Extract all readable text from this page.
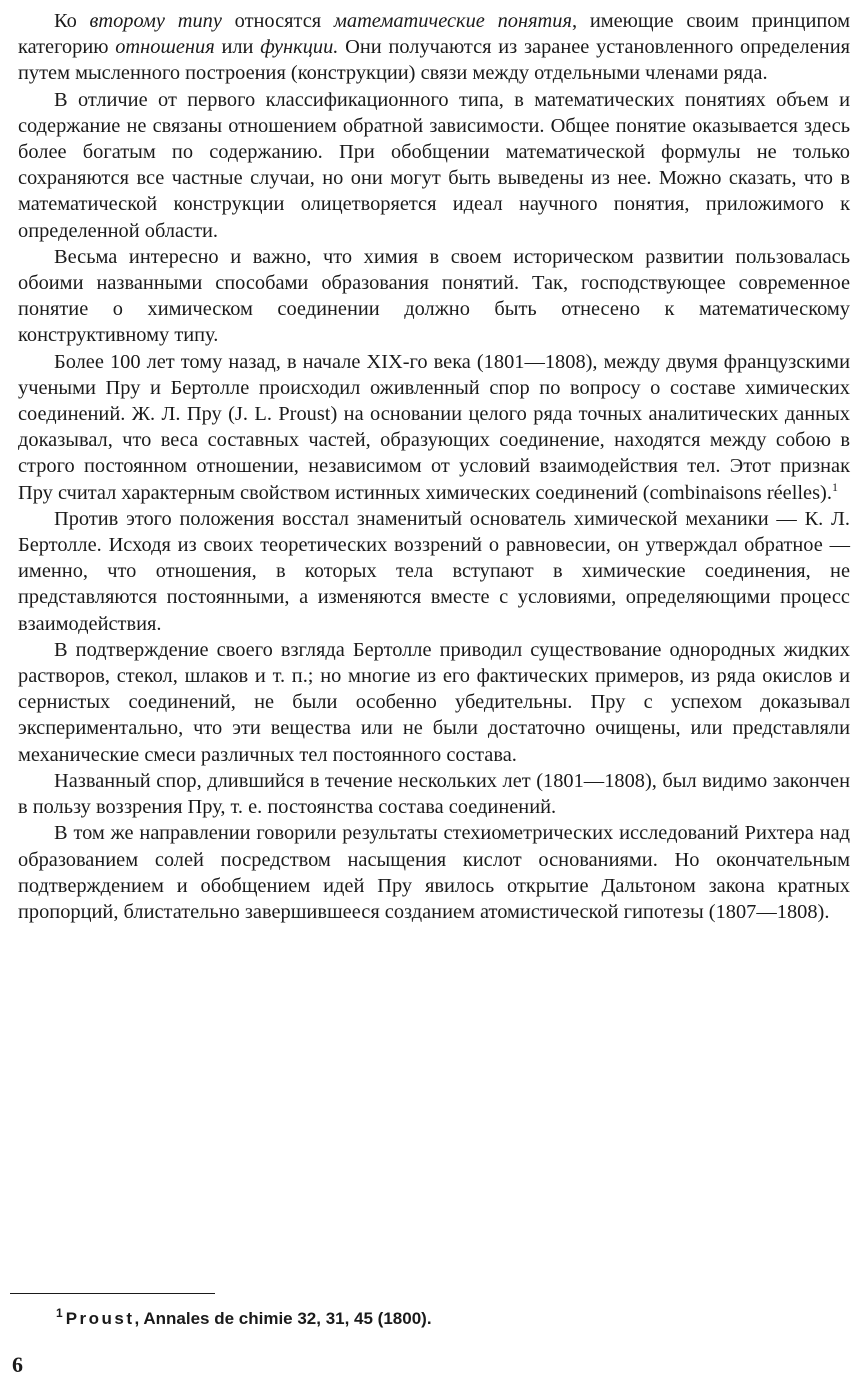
Ко второму типу относятся математические понятия, имеющие своим принципом категорию отношения или функции. Они получаются из заранее установленного определения путем мысленного построения (конструкции) связи между отдельными членами ряда.

В отличие от первого классификационного типа, в математических понятиях объем и содержание не связаны отношением обратной зависимости. Общее понятие оказывается здесь более богатым по содержанию. При обобщении математической формулы не только сохраняются все частные случаи, но они могут быть выведены из нее. Можно сказать, что в математической конструкции олицетворяется идеал научного понятия, приложимого к определенной области.

Весьма интересно и важно, что химия в своем историческом развитии пользовалась обоими названными способами образования понятий. Так, господствующее современное понятие о химическом соединении должно быть отнесено к математическому конструктивному типу.

Более 100 лет тому назад, в начале XIX-го века (1801—1808), между двумя французскими учеными Пру и Бертолле происходил оживленный спор по вопросу о составе химических соединений. Ж. Л. Пру (J. L. Proust) на основании целого ряда точных аналитических данных доказывал, что веса составных частей, образующих соединение, находятся между собою в строго постоянном отношении, независимом от условий взаимодействия тел. Этот признак Пру считал характерным свойством истинных химических соединений (combinaisons réelles).$^1$

Против этого положения восстал знаменитый основатель химической механики — К. Л. Бертолле. Исходя из своих теоретических воззрений о равновесии, он утверждал обратное — именно, что отношения, в которых тела вступают в химические соединения, не представляются постоянными, а изменяются вместе с условиями, определяющими процесс взаимодействия.

В подтверждение своего взгляда Бертолле приводил существование однородных жидких растворов, стекол, шлаков и т. п.; но многие из его фактических примеров, из ряда окислов и сернистых соединений, не были особенно убедительны. Пру с успехом доказывал экспериментально, что эти вещества или не были достаточно очищены, или представляли механические смеси различных тел постоянного состава.

Названный спор, длившийся в течение нескольких лет (1801—1808), был видимо закончен в пользу воззрения Пру, т. е. постоянства состава соединений.

В том же направлении говорили результаты стехиометрических исследований Рихтера над образованием солей посредством насыщения кислот основаниями. Но окончательным подтверждением и обобщением идей Пру явилось открытие Дальтоном закона кратных пропорций, блистательно завершившееся созданием атомистической гипотезы (1807—1808).

$^1$ Proust, Annales de chimie 32, 31, 45 (1800).
6
